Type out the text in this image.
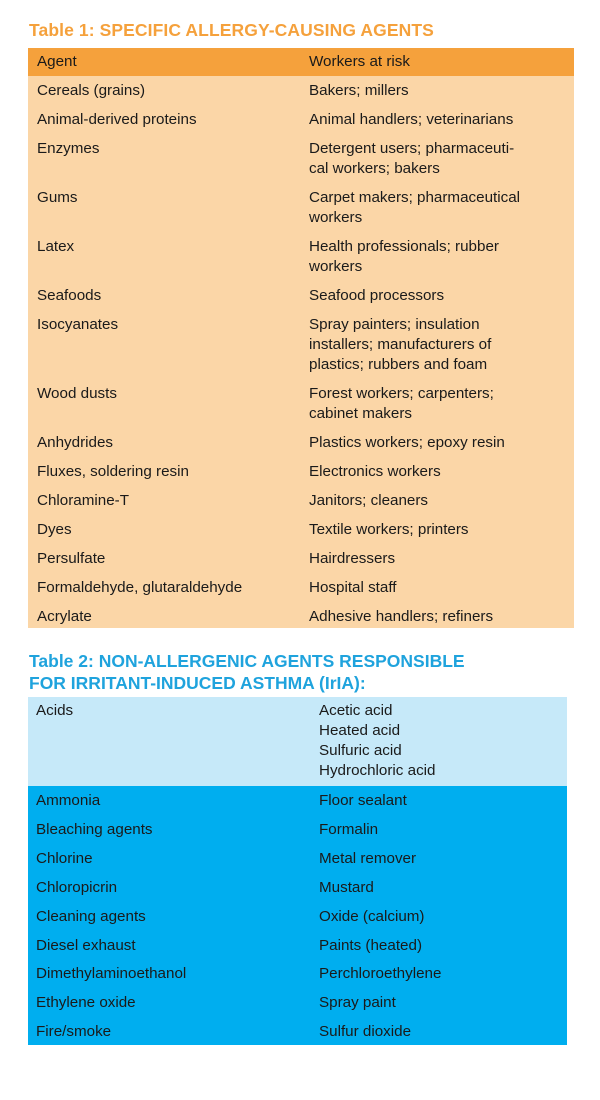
Table 1: SPECIFIC ALLERGY-CAUSING AGENTS
Agent	Workers at risk
Cereals (grains)	Bakers; millers
Animal-derived proteins	Animal handlers; veterinarians
Enzymes	Detergent users; pharmaceuti-
cal workers; bakers
Gums	Carpet makers; pharmaceutical
workers
Latex	Health professionals; rubber
workers
Seafoods	Seafood processors
Isocyanates	Spray painters; insulation
installers; manufacturers of
plastics; rubbers and foam
Wood dusts	Forest workers; carpenters;
cabinet makers
Anhydrides	Plastics workers; epoxy resin
Fluxes, soldering resin	Electronics workers
Chloramine-T	Janitors; cleaners
Dyes	Textile workers; printers
Persulfate	Hairdressers
Formaldehyde, glutaraldehyde	Hospital staff
Acrylate	Adhesive handlers; refiners
Table 2: NON-ALLERGENIC AGENTS RESPONSIBLE
FOR IRRITANT-INDUCED ASTHMA (IrIA):
Acids	Acetic acid
Heated acid
Sulfuric acid
Hydrochloric acid
Ammonia	Floor sealant
Bleaching agents	Formalin
Chlorine	Metal remover
Chloropicrin	Mustard
Cleaning agents	Oxide (calcium)
Diesel exhaust	Paints (heated)
Dimethylaminoethanol	Perchloroethylene
Ethylene oxide	Spray paint
Fire/smoke	Sulfur dioxide
